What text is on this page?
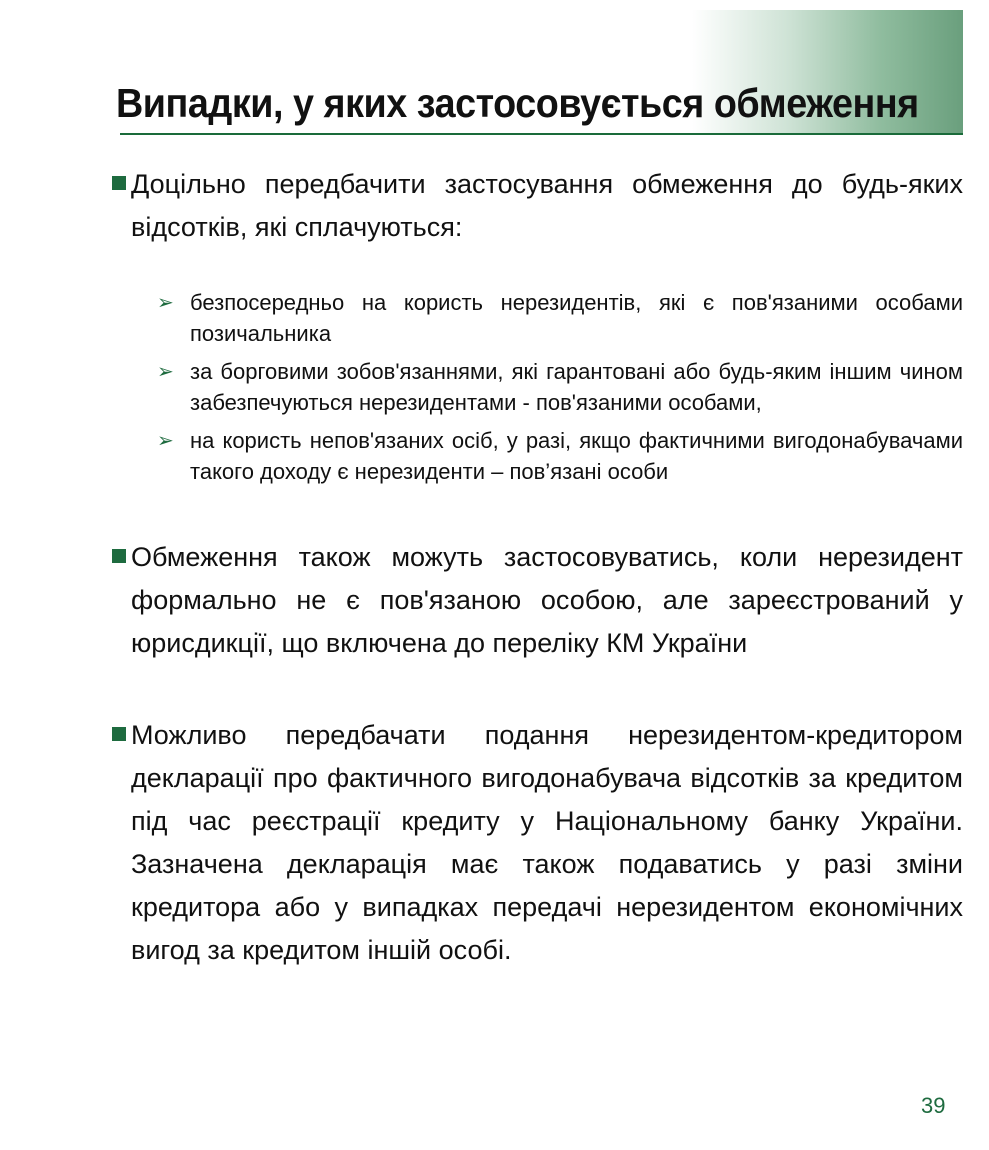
Випадки, у яких застосовується обмеження
Доцільно передбачити застосування обмеження до будь-яких відсотків, які сплачуються:
➢ безпосередньо на користь нерезидентів, які є пов'язаними особами позичальника
➢ за борговими зобов'язаннями, які гарантовані або будь-яким іншим чином забезпечуються нерезидентами - пов'язаними особами,
➢ на користь непов'язаних осіб, у разі, якщо фактичними вигодонабувачами такого доходу є нерезиденти – пов’язані особи
Обмеження також можуть застосовуватись, коли нерезидент формально не є пов'язаною особою, але зареєстрований у юрисдикції, що включена до переліку КМ України
Можливо передбачати подання нерезидентом-кредитором декларації про фактичного вигодонабувача відсотків за кредитом під час реєстрації кредиту у Національному банку України. Зазначена декларація має також подаватись у разі зміни кредитора або у випадках передачі нерезидентом економічних вигод за кредитом іншій особі.
39
